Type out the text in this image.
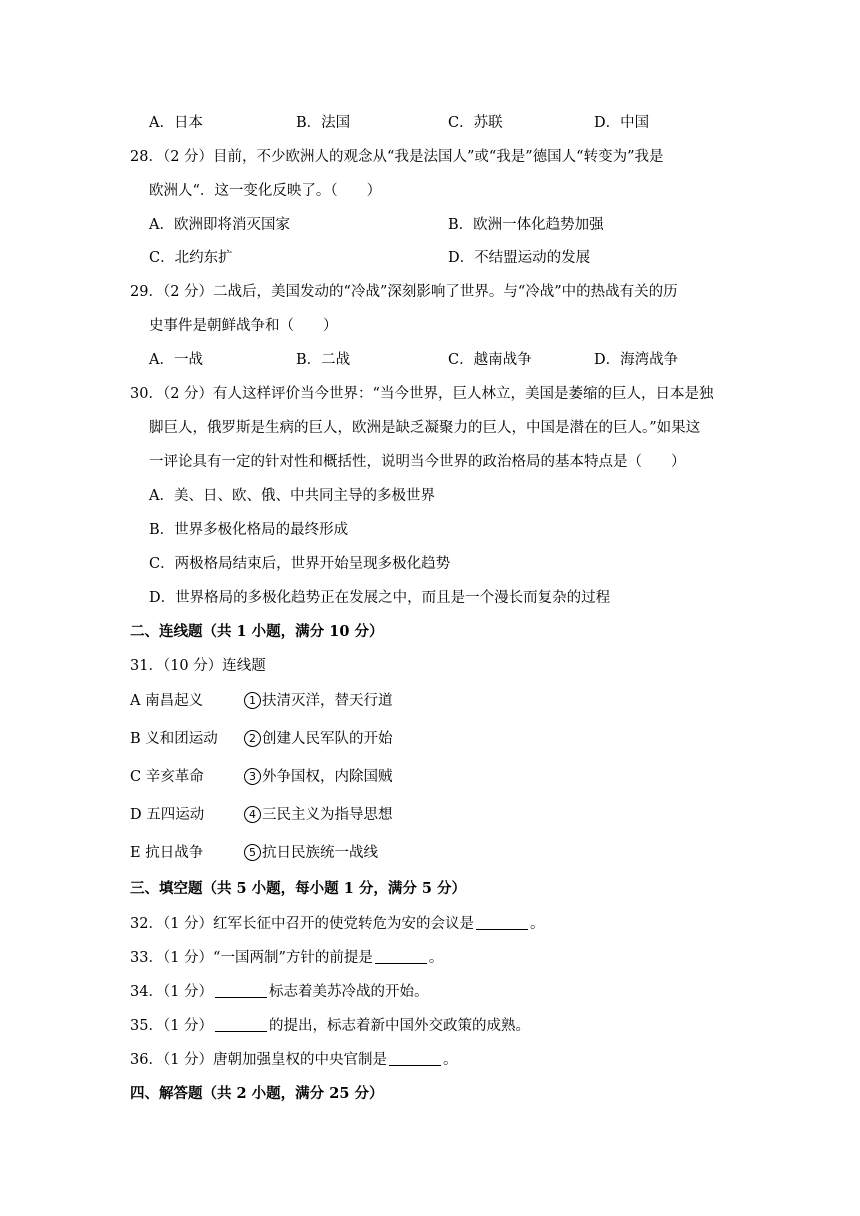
A．日本	B．法国	C．苏联	D．中国
28．（2 分）目前，不少欧洲人的观念从“我是法国人”或“我是”德国人“转变为”我是
欧洲人“．这一变化反映了。（　　）
A．欧洲即将消灭国家	B．欧洲一体化趋势加强
C．北约东扩	D．不结盟运动的发展
29．（2 分）二战后，美国发动的“冷战”深刻影响了世界。与“冷战”中的热战有关的历
史事件是朝鲜战争和（　　）
A．一战	B．二战	C．越南战争	D．海湾战争
30．（2 分）有人这样评价当今世界：“当今世界，巨人林立，美国是萎缩的巨人，日本是独
脚巨人，俄罗斯是生病的巨人，欧洲是缺乏凝聚力的巨人，中国是潜在的巨人。”如果这
一评论具有一定的针对性和概括性，说明当今世界的政治格局的基本特点是（　　）
A．美、日、欧、俄、中共同主导的多极世界
B．世界多极化格局的最终形成
C．两极格局结束后，世界开始呈现多极化趋势
D．世界格局的多极化趋势正在发展之中，而且是一个漫长而复杂的过程
二、连线题（共 1 小题，满分 10 分）
31．（10 分）连线题
A 南昌起义	1 扶清灭洋，替天行道
B 义和团运动	2 创建人民军队的开始
C 辛亥革命	3 外争国权，内除国贼
D 五四运动	4 三民主义为指导思想
E 抗日战争	5 抗日民族统一战线
三、填空题（共 5 小题，每小题 1 分，满分 5 分）
32．（1 分）红军长征中召开的使党转危为安的会议是	。
33．（1 分）“一国两制”方针的前提是	。
34．（1 分）	标志着美苏冷战的开始。
35．（1 分）	的提出，标志着新中国外交政策的成熟。
36．（1 分）唐朝加强皇权的中央官制是	。
四、解答题（共 2 小题，满分 25 分）
